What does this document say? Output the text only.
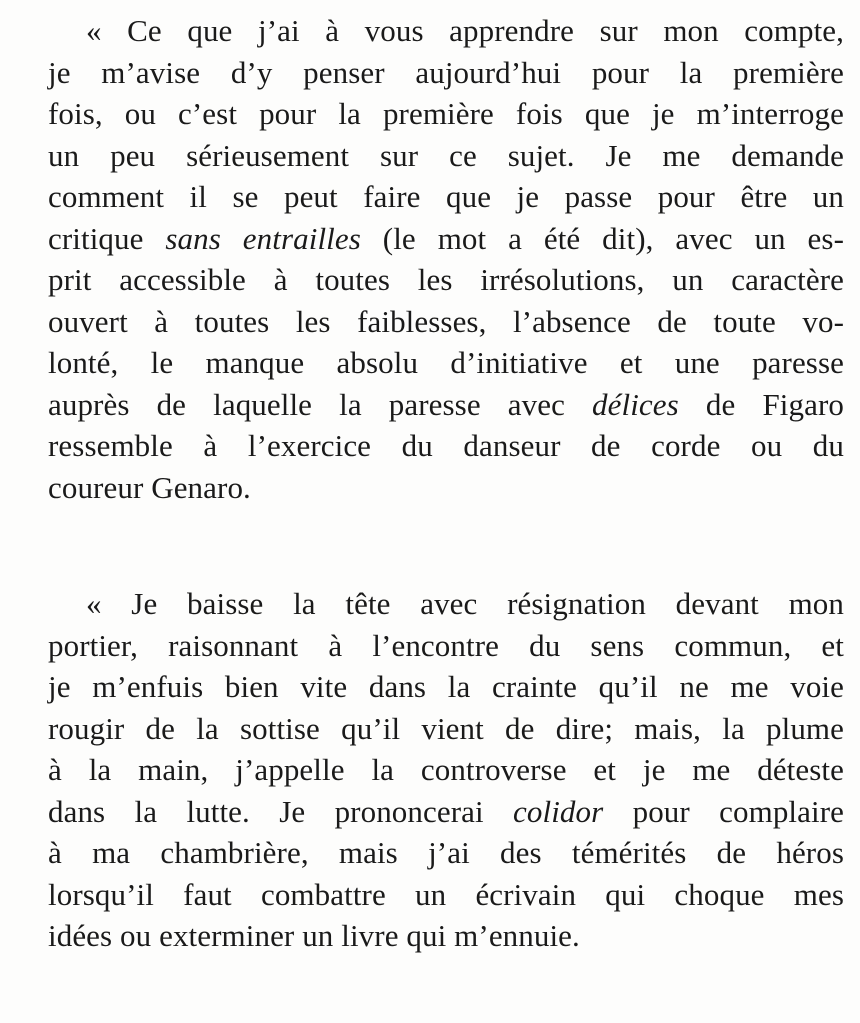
« Ce que j’ai à vous apprendre sur mon compte,
je m’avise d’y penser aujourd’hui pour la première
fois, ou c’est pour la première fois que je m’interroge
un peu sérieusement sur ce sujet. Je me demande
comment il se peut faire que je passe pour être un
critique sans entrailles (le mot a été dit), avec un es-
prit accessible à toutes les irrésolutions, un caractère
ouvert à toutes les faiblesses, l’absence de toute vo-
lonté, le manque absolu d’initiative et une paresse
auprès de laquelle la paresse avec délices de Figaro
ressemble à l’exercice du danseur de corde ou du
coureur Genaro.
« Je baisse la tête avec résignation devant mon
portier, raisonnant à l’encontre du sens commun, et
je m’enfuis bien vite dans la crainte qu’il ne me voie
rougir de la sottise qu’il vient de dire; mais, la plume
à la main, j’appelle la controverse et je me déteste
dans la lutte. Je prononcerai colidor pour complaire
à ma chambrière, mais j’ai des témérités de héros
lorsqu’il faut combattre un écrivain qui choque mes
idées ou exterminer un livre qui m’ennuie.
